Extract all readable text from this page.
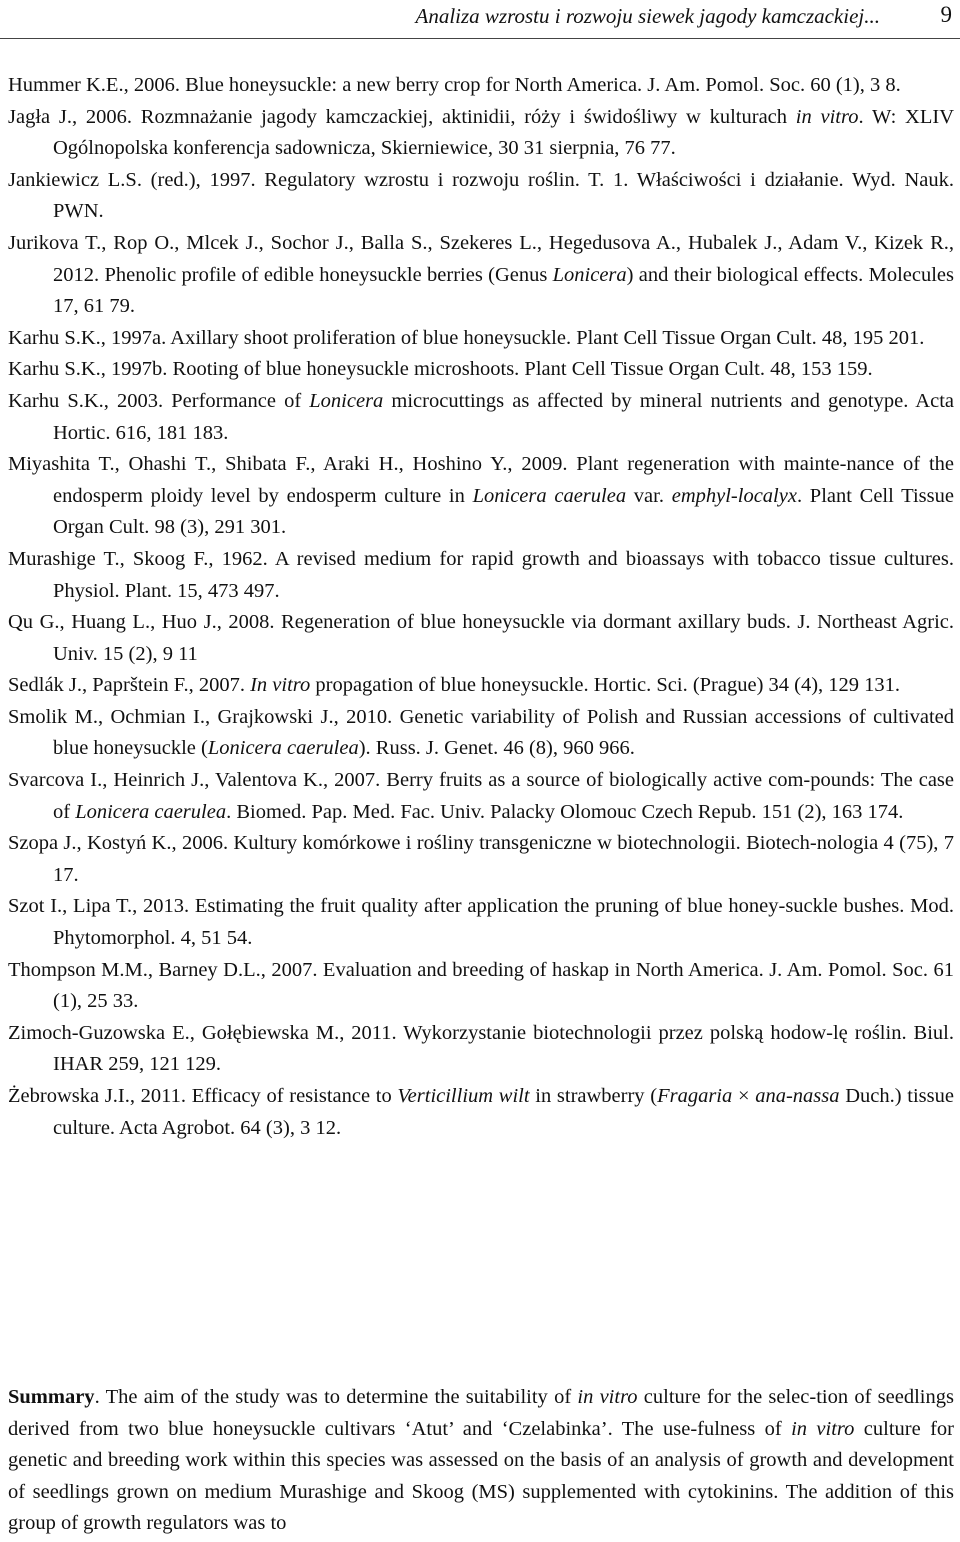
Analiza wzrostu i rozwoju siewek jagody kamczackiej...	9

Hummer K.E., 2006. Blue honeysuckle: a new berry crop for North America. J. Am. Pomol. Soc. 60 (1), 3 8.

Jagła J., 2006. Rozmnażanie jagody kamczackiej, aktinidii, róży i świdośliwy w kulturach in vitro. W: XLIV Ogólnopolska konferencja sadownicza, Skierniewice, 30 31 sierpnia, 76 77.

Jankiewicz L.S. (red.), 1997. Regulatory wzrostu i rozwoju roślin. T. 1. Właściwości i działanie. Wyd. Nauk. PWN.

Jurikova T., Rop O., Mlcek J., Sochor J., Balla S., Szekeres L., Hegedusova A., Hubalek J., Adam V., Kizek R., 2012. Phenolic profile of edible honeysuckle berries (Genus Lonicera) and their biological effects. Molecules 17, 61 79.

Karhu S.K., 1997a. Axillary shoot proliferation of blue honeysuckle. Plant Cell Tissue Organ Cult. 48, 195 201.

Karhu S.K., 1997b. Rooting of blue honeysuckle microshoots. Plant Cell Tissue Organ Cult. 48, 153 159.

Karhu S.K., 2003. Performance of Lonicera microcuttings as affected by mineral nutrients and genotype. Acta Hortic. 616, 181 183.

Miyashita T., Ohashi T., Shibata F., Araki H., Hoshino Y., 2009. Plant regeneration with mainte-nance of the endosperm ploidy level by endosperm culture in Lonicera caerulea var. emphyl-localyx. Plant Cell Tissue Organ Cult. 98 (3), 291 301.

Murashige T., Skoog F., 1962. A revised medium for rapid growth and bioassays with tobacco tissue cultures. Physiol. Plant. 15, 473 497.

Qu G., Huang L., Huo J., 2008. Regeneration of blue honeysuckle via dormant axillary buds. J. Northeast Agric. Univ. 15 (2), 9 11

Sedlák J., Paprštein F., 2007. In vitro propagation of blue honeysuckle. Hortic. Sci. (Prague) 34 (4), 129 131.

Smolik M., Ochmian I., Grajkowski J., 2010. Genetic variability of Polish and Russian accessions of cultivated blue honeysuckle (Lonicera caerulea). Russ. J. Genet. 46 (8), 960 966.

Svarcova I., Heinrich J., Valentova K., 2007. Berry fruits as a source of biologically active com-pounds: The case of Lonicera caerulea. Biomed. Pap. Med. Fac. Univ. Palacky Olomouc Czech Repub. 151 (2), 163 174.

Szopa J., Kostyń K., 2006. Kultury komórkowe i rośliny transgeniczne w biotechnologii. Biotech-nologia 4 (75), 7 17.

Szot I., Lipa T., 2013. Estimating the fruit quality after application the pruning of blue honey-suckle bushes. Mod. Phytomorphol. 4, 51 54.

Thompson M.M., Barney D.L., 2007. Evaluation and breeding of haskap in North America. J. Am. Pomol. Soc. 61 (1), 25 33.

Zimoch-Guzowska E., Gołębiewska M., 2011. Wykorzystanie biotechnologii przez polską hodow-lę roślin. Biul. IHAR 259, 121 129.

Żebrowska J.I., 2011. Efficacy of resistance to Verticillium wilt in strawberry (Fragaria × ana-nassa Duch.) tissue culture. Acta Agrobot. 64 (3), 3 12.

Summary. The aim of the study was to determine the suitability of in vitro culture for the selec-tion of seedlings derived from two blue honeysuckle cultivars ‘Atut’ and ‘Czelabinka’. The use-fulness of in vitro culture for genetic and breeding work within this species was assessed on the basis of an analysis of growth and development of seedlings grown on medium Murashige and Skoog (MS) supplemented with cytokinins. The addition of this group of growth regulators was to
